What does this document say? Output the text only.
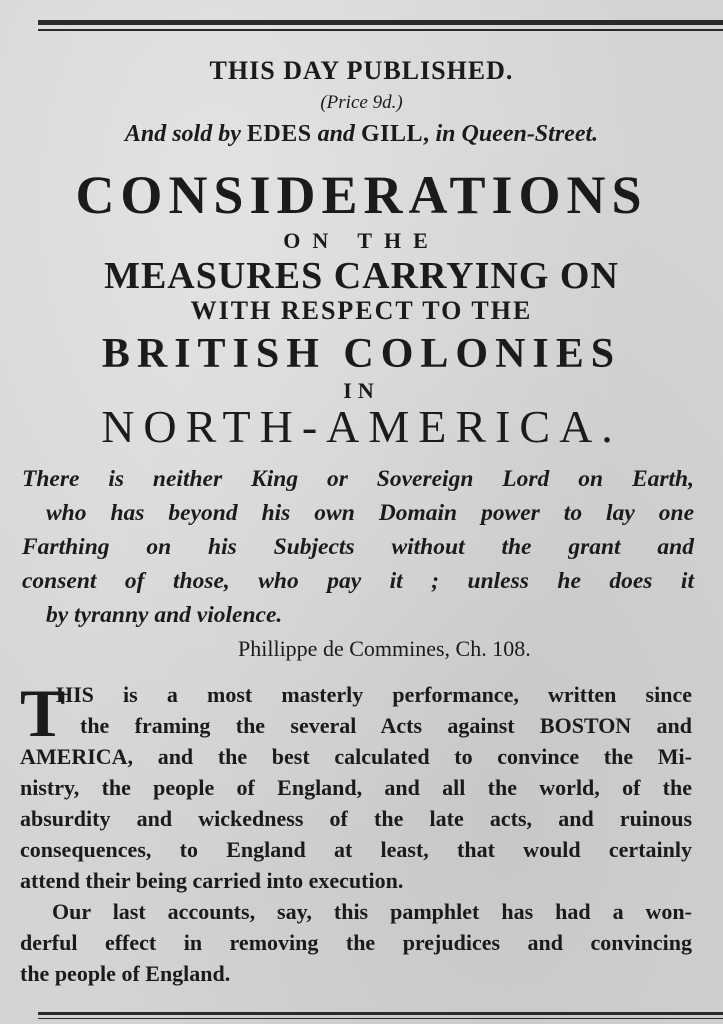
THIS DAY PUBLISHED.
(Price 9d.)
And sold by EDES and GILL, in Queen-Street.
CONSIDERATIONS
ON THE
MEASURES CARRYING ON
WITH RESPECT TO THE
BRITISH COLONIES
IN
NORTH-AMERICA.
There is neither King or Sovereign Lord on Earth,
who has beyond his own Domain power to lay one
Farthing on his Subjects without the grant and
consent of those, who pay it ; unless he does it
by tyranny and violence.
Phillippe de Commines, Ch. 108.
T
HIS is a most masterly performance, written since
the framing the several Acts against BOSTON and
AMERICA, and the best calculated to convince the Mi-
nistry, the people of England, and all the world, of the
absurdity and wickedness of the late acts, and ruinous
consequences, to England at least, that would certainly
attend their being carried into execution.
Our last accounts, say, this pamphlet has had a won-
derful effect in removing the prejudices and convincing
the people of England.
